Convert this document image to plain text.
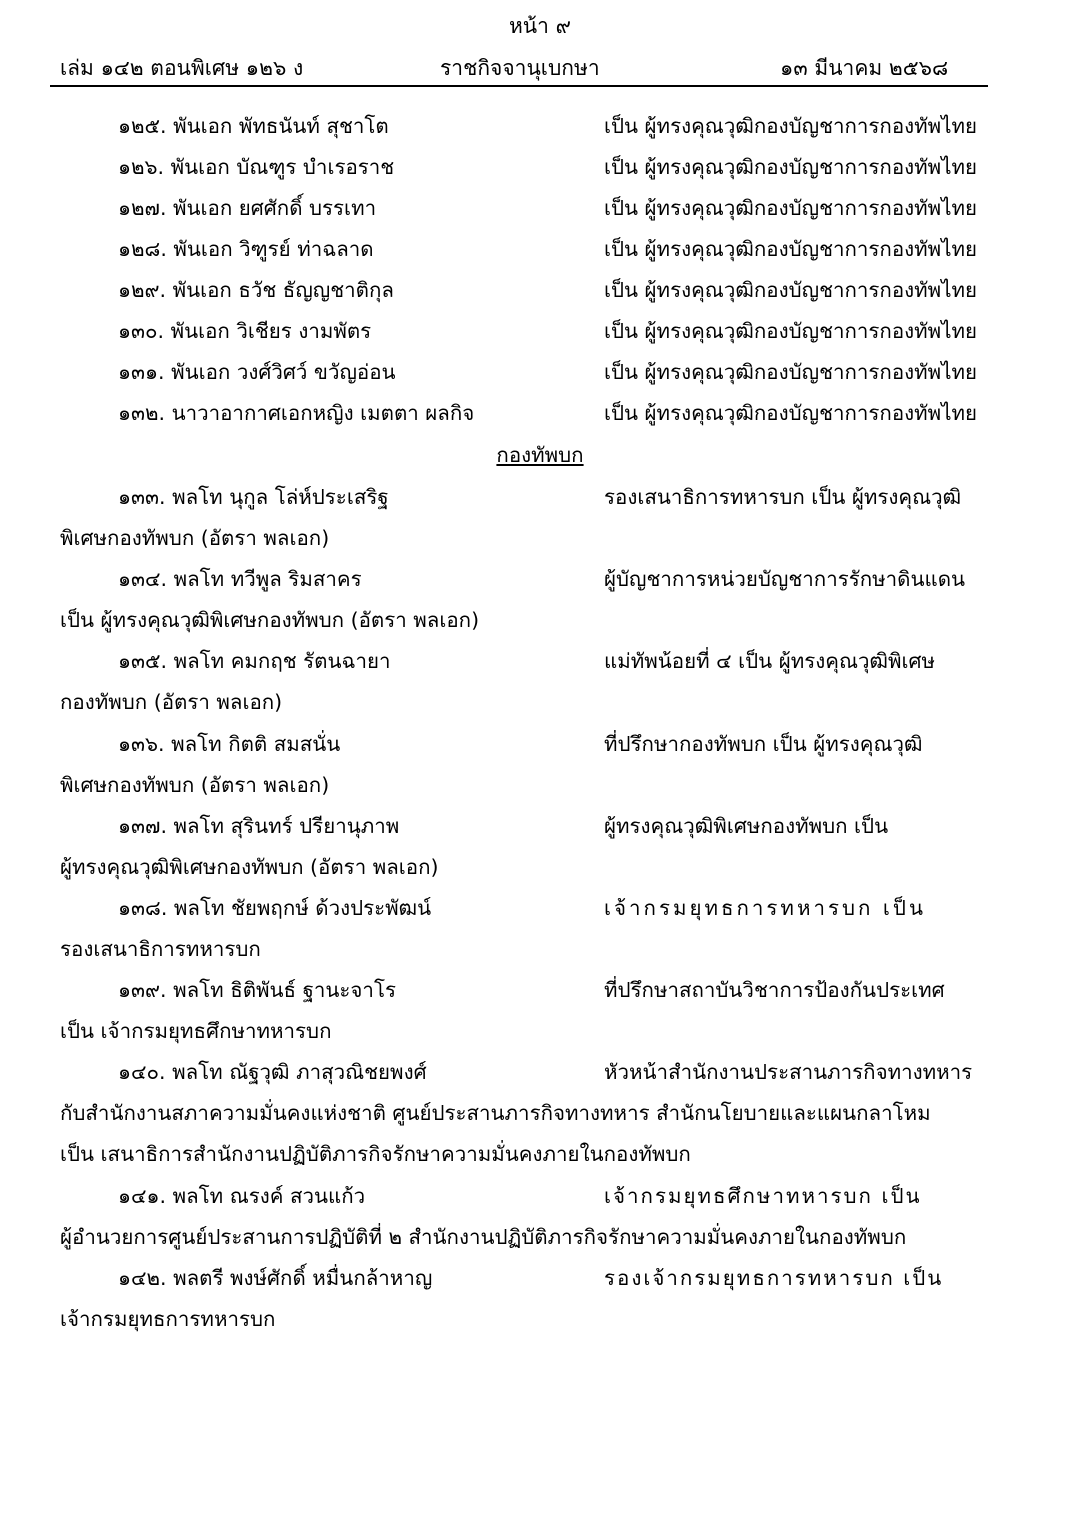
หน้า ๙
เล่ม ๑๔๒ ตอนพิเศษ ๑๒๖ ง	ราชกิจจานุเบกษา	๑๓ มีนาคม ๒๕๖๘
๑๒๕. พันเอก พัทธนันท์ สุชาโต	เป็น ผู้ทรงคุณวุฒิกองบัญชาการกองทัพไทย
๑๒๖. พันเอก บัณฑูร บำเรอราช	เป็น ผู้ทรงคุณวุฒิกองบัญชาการกองทัพไทย
๑๒๗. พันเอก ยศศักดิ์ บรรเทา	เป็น ผู้ทรงคุณวุฒิกองบัญชาการกองทัพไทย
๑๒๘. พันเอก วิฑูรย์ ท่าฉลาด	เป็น ผู้ทรงคุณวุฒิกองบัญชาการกองทัพไทย
๑๒๙. พันเอก ธวัช ธัญญชาติกุล	เป็น ผู้ทรงคุณวุฒิกองบัญชาการกองทัพไทย
๑๓๐. พันเอก วิเชียร งามพัตร	เป็น ผู้ทรงคุณวุฒิกองบัญชาการกองทัพไทย
๑๓๑. พันเอก วงศ์วิศว์ ขวัญอ่อน	เป็น ผู้ทรงคุณวุฒิกองบัญชาการกองทัพไทย
๑๓๒. นาวาอากาศเอกหญิง เมตตา ผลกิจ	เป็น ผู้ทรงคุณวุฒิกองบัญชาการกองทัพไทย
กองทัพบก
๑๓๓. พลโท นุกูล โล่ห์ประเสริฐ	รองเสนาธิการทหารบก เป็น ผู้ทรงคุณวุฒิ
พิเศษกองทัพบก (อัตรา พลเอก)
๑๓๔. พลโท ทวีพูล ริมสาคร	ผู้บัญชาการหน่วยบัญชาการรักษาดินแดน
เป็น ผู้ทรงคุณวุฒิพิเศษกองทัพบก (อัตรา พลเอก)
๑๓๕. พลโท คมกฤช รัตนฉายา	แม่ทัพน้อยที่ ๔ เป็น ผู้ทรงคุณวุฒิพิเศษ
กองทัพบก (อัตรา พลเอก)
๑๓๖. พลโท กิตติ สมสนั่น	ที่ปรึกษากองทัพบก เป็น ผู้ทรงคุณวุฒิ
พิเศษกองทัพบก (อัตรา พลเอก)
๑๓๗. พลโท สุรินทร์ ปรียานุภาพ	ผู้ทรงคุณวุฒิพิเศษกองทัพบก เป็น
ผู้ทรงคุณวุฒิพิเศษกองทัพบก (อัตรา พลเอก)
๑๓๘. พลโท ชัยพฤกษ์ ด้วงประพัฒน์	เจ้ากรมยุทธการทหารบก เป็น
รองเสนาธิการทหารบก
๑๓๙. พลโท ธิติพันธ์ ฐานะจาโร	ที่ปรึกษาสถาบันวิชาการป้องกันประเทศ
เป็น เจ้ากรมยุทธศึกษาทหารบก
๑๔๐. พลโท ณัฐวุฒิ ภาสุวณิชยพงศ์	หัวหน้าสำนักงานประสานภารกิจทางทหาร
กับสำนักงานสภาความมั่นคงแห่งชาติ ศูนย์ประสานภารกิจทางทหาร สำนักนโยบายและแผนกลาโหม
เป็น เสนาธิการสำนักงานปฏิบัติภารกิจรักษาความมั่นคงภายในกองทัพบก
๑๔๑. พลโท ณรงค์ สวนแก้ว	เจ้ากรมยุทธศึกษาทหารบก เป็น
ผู้อำนวยการศูนย์ประสานการปฏิบัติที่ ๒ สำนักงานปฏิบัติภารกิจรักษาความมั่นคงภายในกองทัพบก
๑๔๒. พลตรี พงษ์ศักดิ์ หมื่นกล้าหาญ	รองเจ้ากรมยุทธการทหารบก เป็น
เจ้ากรมยุทธการทหารบก
